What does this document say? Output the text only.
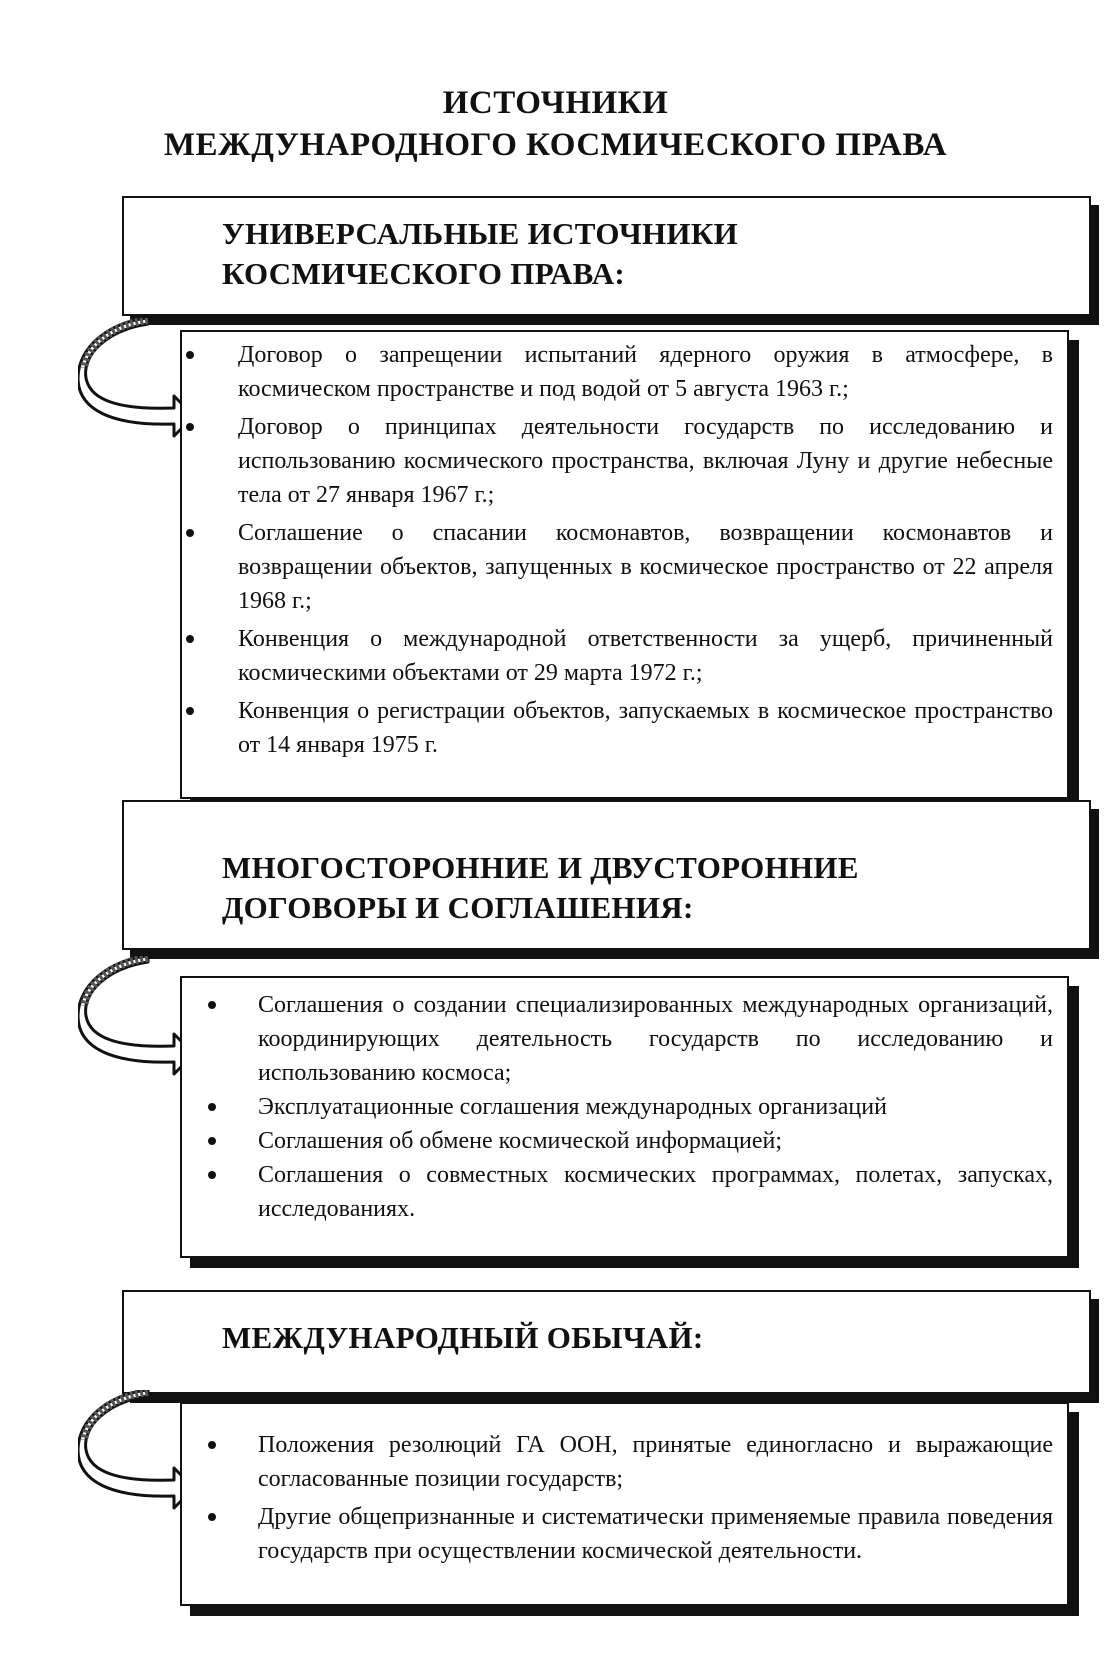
ИСТОЧНИКИ
МЕЖДУНАРОДНОГО КОСМИЧЕСКОГО ПРАВА
УНИВЕРСАЛЬНЫЕ ИСТОЧНИКИ
КОСМИЧЕСКОГО ПРАВА:
Договор о запрещении испытаний ядерного оружия в атмосфере, в космическом пространстве и под водой от 5 августа 1963 г.;
Договор о принципах деятельности государств по исследованию и использованию космического пространства, включая Луну и другие небесные тела от 27 января 1967 г.;
Соглашение о спасании космонавтов, возвращении космонавтов и возвращении объектов, запущенных в космическое пространство от 22 апреля 1968 г.;
Конвенция о международной ответственности за ущерб, причиненный космическими объектами от 29 марта 1972 г.;
Конвенция о регистрации объектов, запускаемых в космическое пространство от 14 января 1975 г.
МНОГОСТОРОННИЕ И ДВУСТОРОННИЕ
ДОГОВОРЫ И СОГЛАШЕНИЯ:
Соглашения о создании специализированных международных организаций, координирующих деятельность государств по исследованию и использованию космоса;
Эксплуатационные соглашения международных организаций
Соглашения об обмене космической информацией;
Соглашения о совместных космических программах, полетах, запусках, исследованиях.
МЕЖДУНАРОДНЫЙ ОБЫЧАЙ:
Положения резолюций ГА ООН, принятые единогласно и выражающие согласованные позиции государств;
Другие общепризнанные и систематически применяемые правила поведения государств при осуществлении космической деятельности.
